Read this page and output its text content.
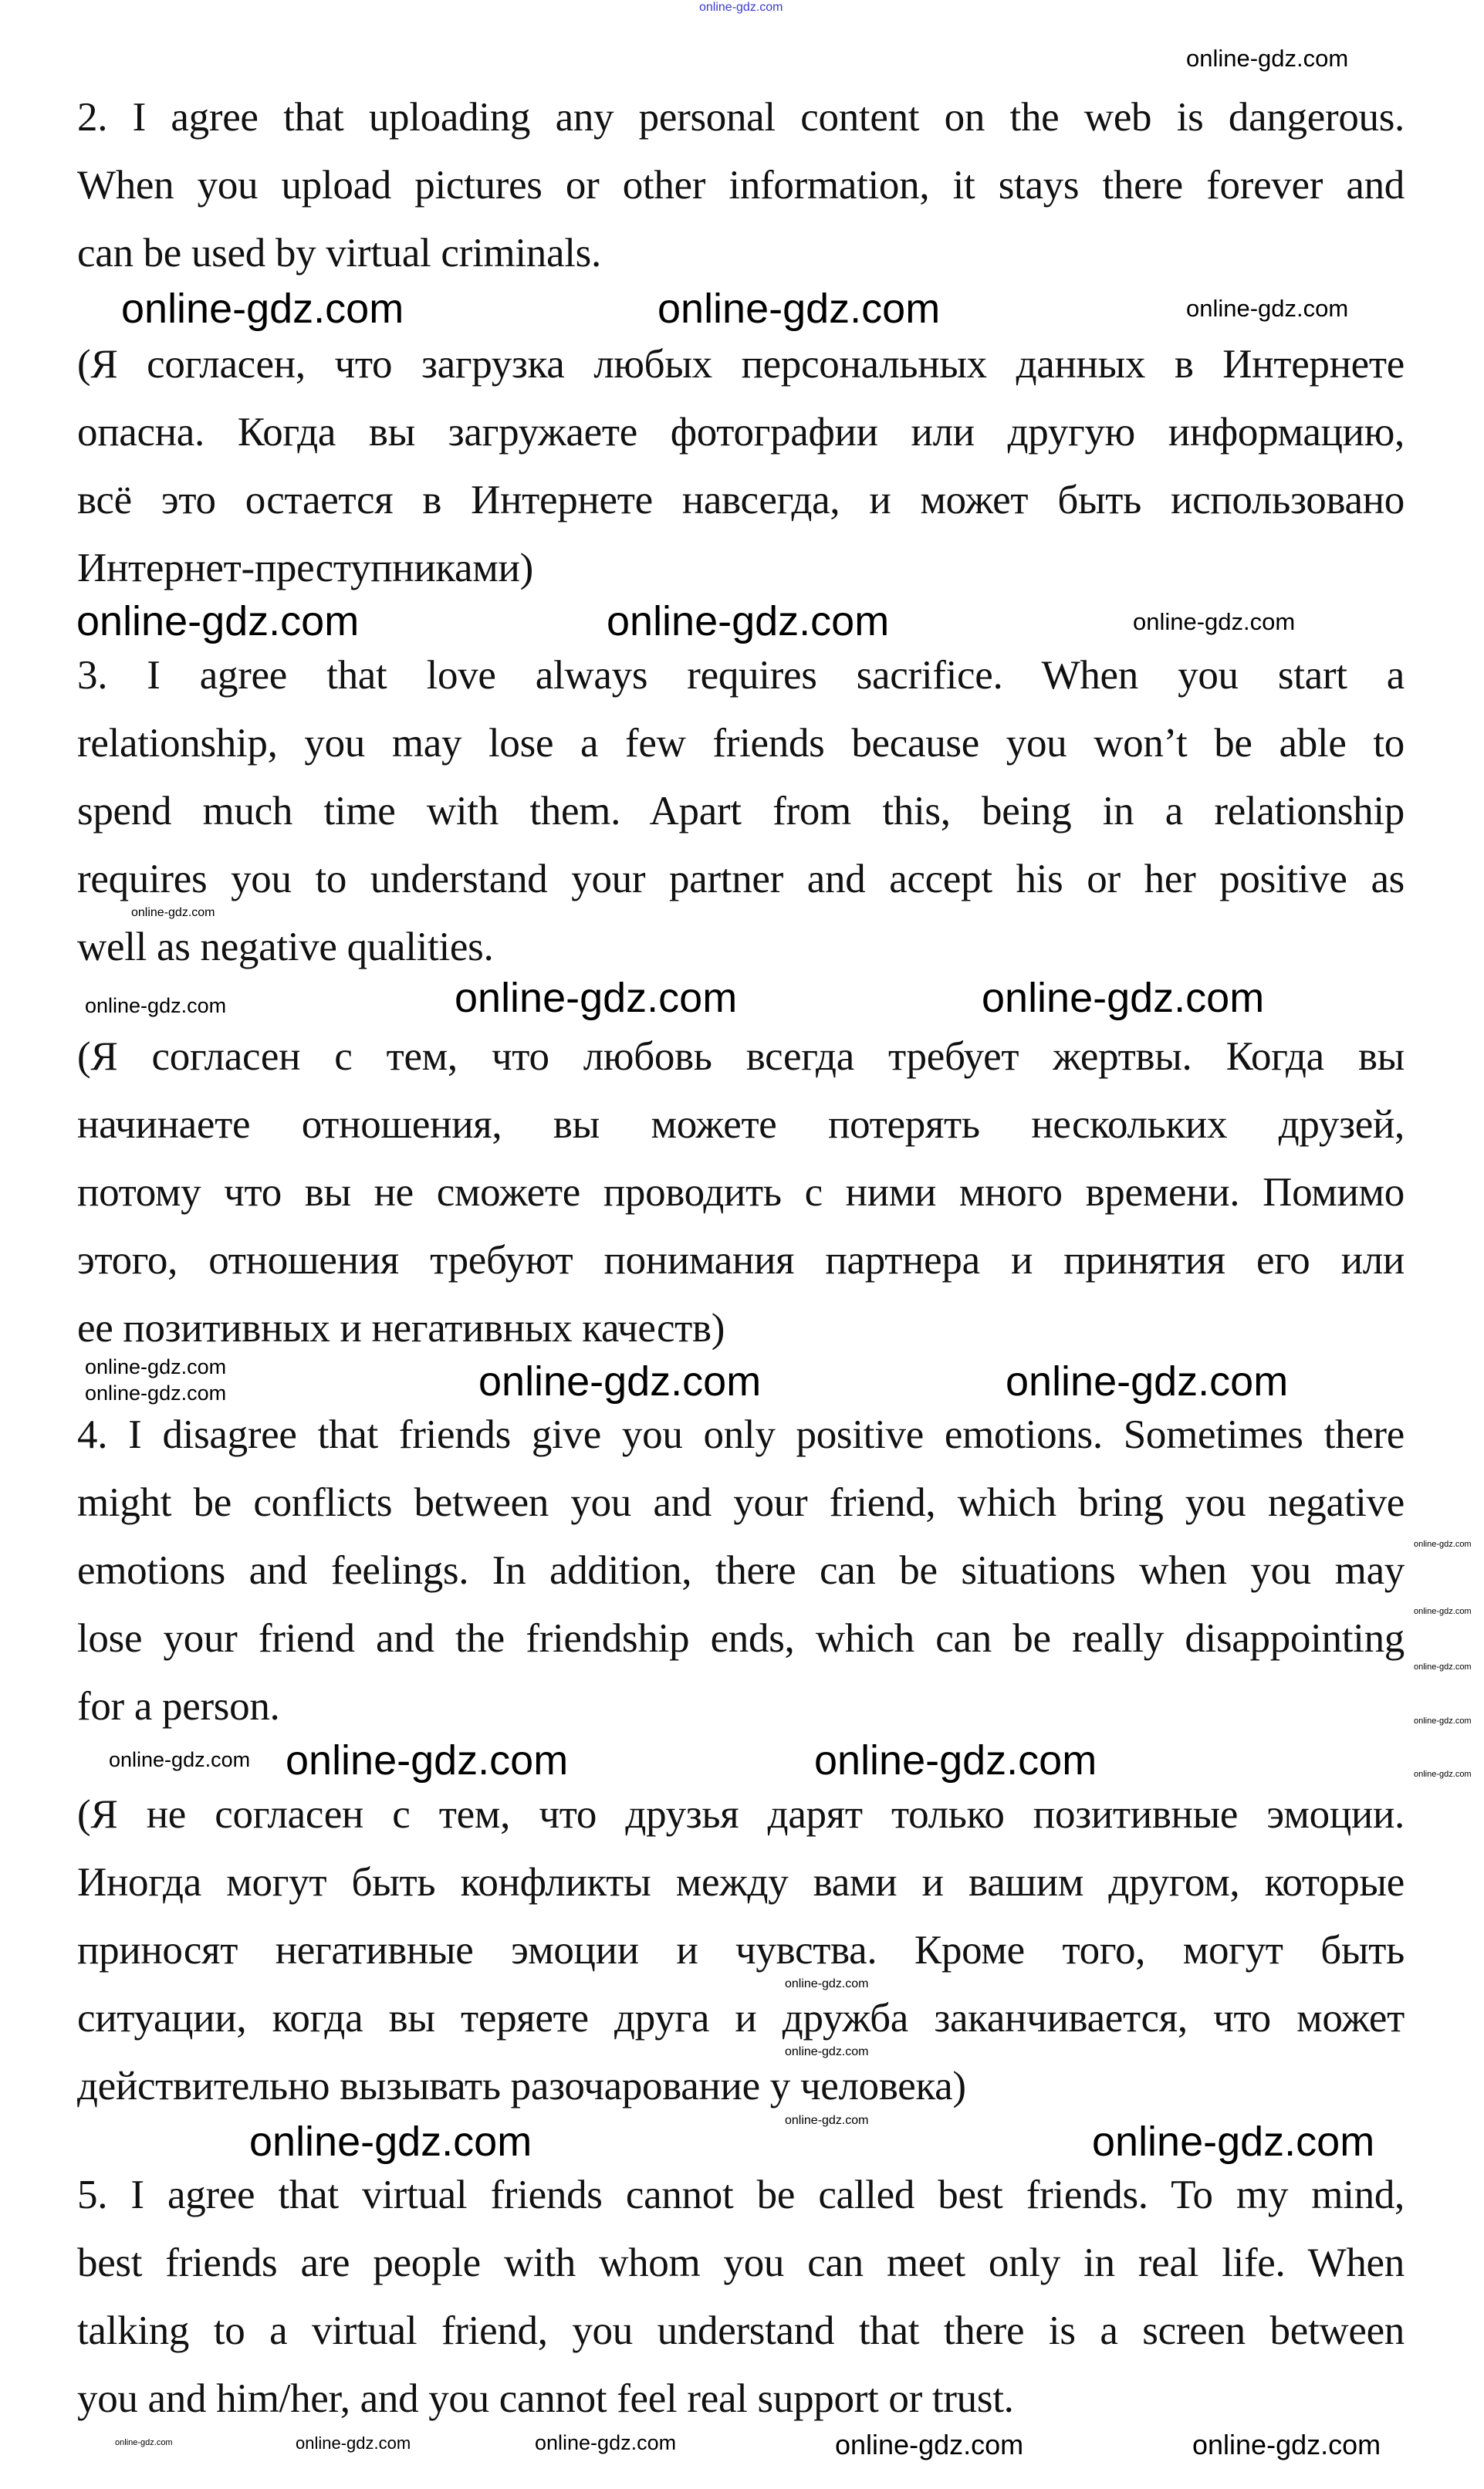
2. I agree that uploading any personal content on the web is dangerous.
When you upload pictures or other information, it stays there forever and
can be used by virtual criminals.
(Я согласен, что загрузка любых персональных данных в Интернете
опасна. Когда вы загружаете фотографии или другую информацию,
всё это остается в Интернете навсегда, и может быть использовано
Интернет-преступниками)
3. I agree that love always requires sacrifice. When you start a
relationship, you may lose a few friends because you won’t be able to
spend much time with them. Apart from this, being in a relationship
requires you to understand your partner and accept his or her positive as
well as negative qualities.
(Я согласен с тем, что любовь всегда требует жертвы. Когда вы
начинаете отношения, вы можете потерять нескольких друзей,
потому что вы не сможете проводить с ними много времени. Помимо
этого, отношения требуют понимания партнера и принятия его или
ее позитивных и негативных качеств)
4. I disagree that friends give you only positive emotions. Sometimes there
might be conflicts between you and your friend, which bring you negative
emotions and feelings. In addition, there can be situations when you may
lose your friend and the friendship ends, which can be really disappointing
for a person.
(Я не согласен с тем, что друзья дарят только позитивные эмоции.
Иногда могут быть конфликты между вами и вашим другом, которые
приносят негативные эмоции и чувства. Кроме того, могут быть
ситуации, когда вы теряете друга и дружба заканчивается, что может
действительно вызывать разочарование у человека)
5. I agree that virtual friends cannot be called best friends. To my mind,
best friends are people with whom you can meet only in real life. When
talking to a virtual friend, you understand that there is a screen between
you and him/her, and you cannot feel real support or trust.
online-gdz.com
online-gdz.com
online-gdz.com	online-gdz.com	online-gdz.com
online-gdz.com	online-gdz.com	online-gdz.com
online-gdz.com
online-gdz.com
online-gdz.com	online-gdz.com
online-gdz.com
online-gdz.com	online-gdz.com
online-gdz.com
online-gdz.com
online-gdz.com
online-gdz.com
online-gdz.com
online-gdz.com
online-gdz.com
online-gdz.com
online-gdz.com
online-gdz.com
online-gdz.com
online-gdz.com	online-gdz.com
online-gdz.com
online-gdz.com	online-gdz.com	online-gdz.com	online-gdz.com	online-gdz.com
